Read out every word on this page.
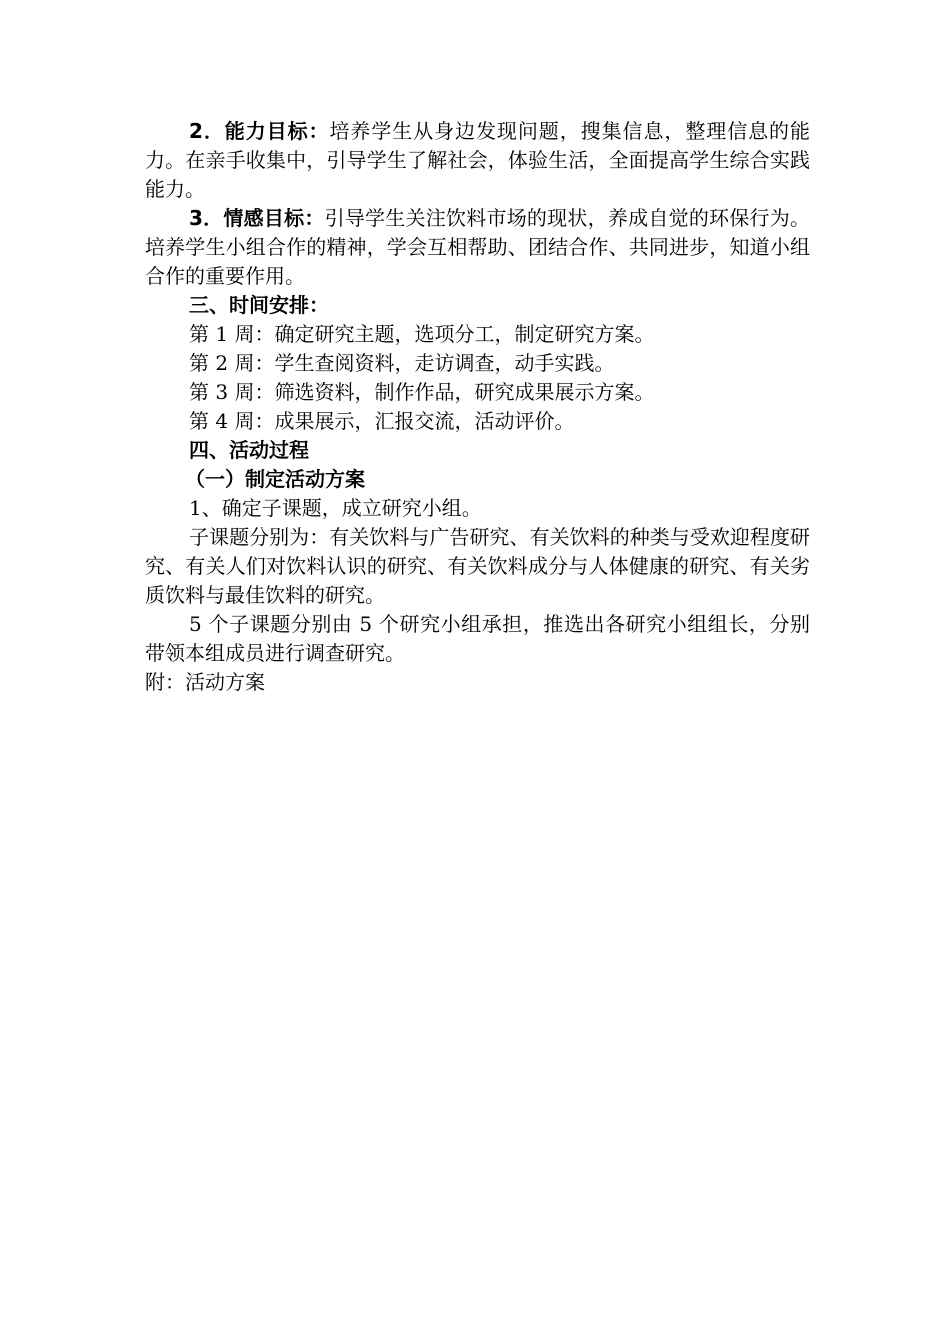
2．能力目标：培养学生从身边发现问题，搜集信息，整理信息的能力。在亲手收集中，引导学生了解社会，体验生活，全面提高学生综合实践能力。

3．情感目标：引导学生关注饮料市场的现状，养成自觉的环保行为。培养学生小组合作的精神，学会互相帮助、团结合作、共同进步，知道小组合作的重要作用。

三、时间安排：

第 1 周：确定研究主题，选项分工，制定研究方案。

第 2 周：学生查阅资料，走访调查，动手实践。

第 3 周：筛选资料，制作作品，研究成果展示方案。

第 4 周：成果展示，汇报交流，活动评价。

四、活动过程

（一）制定活动方案

1、确定子课题，成立研究小组。

子课题分别为：有关饮料与广告研究、有关饮料的种类与受欢迎程度研究、有关人们对饮料认识的研究、有关饮料成分与人体健康的研究、有关劣质饮料与最佳饮料的研究。

5 个子课题分别由 5 个研究小组承担，推选出各研究小组组长，分别带领本组成员进行调查研究。

附：活动方案
